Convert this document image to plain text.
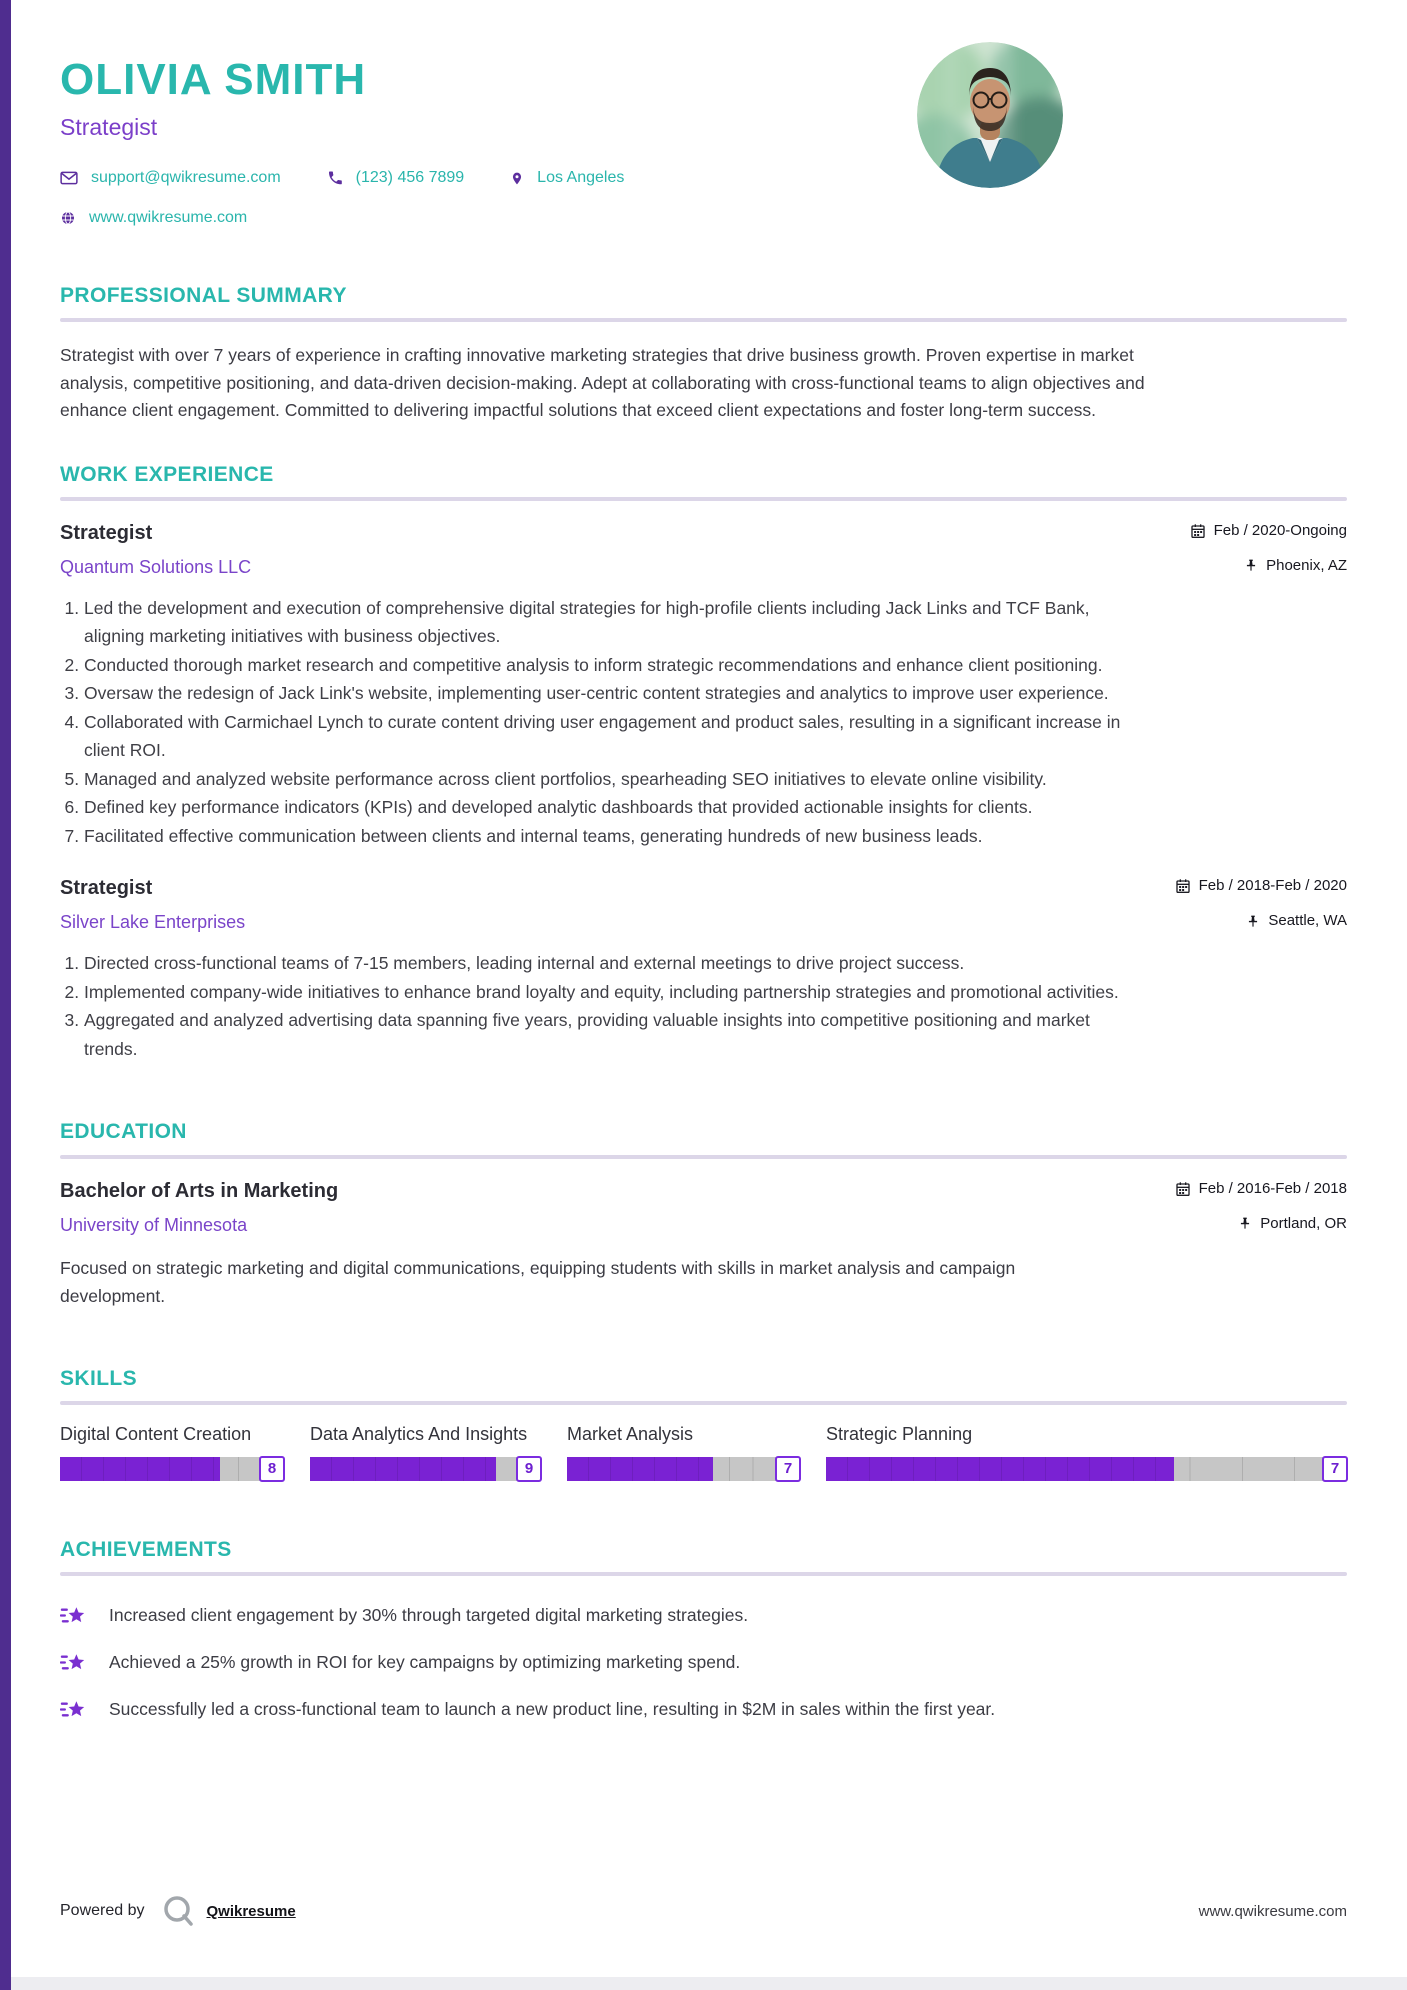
OLIVIA SMITH
Strategist
support@qwikresume.com	(123) 456 7899	Los Angeles
www.qwikresume.com
PROFESSIONAL SUMMARY

Strategist with over 7 years of experience in crafting innovative marketing strategies that drive business growth. Proven expertise in market analysis, competitive positioning, and data-driven decision-making. Adept at collaborating with cross-functional teams to align objectives and enhance client engagement. Committed to delivering impactful solutions that exceed client expectations and foster long-term success.

WORK EXPERIENCE
Strategist	Feb / 2020-Ongoing
Quantum Solutions LLC	Phoenix, AZ
1. Led the development and execution of comprehensive digital strategies for high-profile clients including Jack Links and TCF Bank, aligning marketing initiatives with business objectives.
2. Conducted thorough market research and competitive analysis to inform strategic recommendations and enhance client positioning.
3. Oversaw the redesign of Jack Link's website, implementing user-centric content strategies and analytics to improve user experience.
4. Collaborated with Carmichael Lynch to curate content driving user engagement and product sales, resulting in a significant increase in client ROI.
5. Managed and analyzed website performance across client portfolios, spearheading SEO initiatives to elevate online visibility.
6. Defined key performance indicators (KPIs) and developed analytic dashboards that provided actionable insights for clients.
7. Facilitated effective communication between clients and internal teams, generating hundreds of new business leads.
Strategist	Feb / 2018-Feb / 2020
Silver Lake Enterprises	Seattle, WA
1. Directed cross-functional teams of 7-15 members, leading internal and external meetings to drive project success.
2. Implemented company-wide initiatives to enhance brand loyalty and equity, including partnership strategies and promotional activities.
3. Aggregated and analyzed advertising data spanning five years, providing valuable insights into competitive positioning and market trends.
EDUCATION
Bachelor of Arts in Marketing	Feb / 2016-Feb / 2018
University of Minnesota	Portland, OR

Focused on strategic marketing and digital communications, equipping students with skills in market analysis and campaign development.

SKILLS
Digital Content Creation
8
Data Analytics And Insights
9
Market Analysis
7
Strategic Planning
7
ACHIEVEMENTS
Increased client engagement by 30% through targeted digital marketing strategies.
Achieved a 25% growth in ROI for key campaigns by optimizing marketing spend.
Successfully led a cross-functional team to launch a new product line, resulting in $2M in sales within the first year.
Powered by	Qwikresume	www.qwikresume.com
